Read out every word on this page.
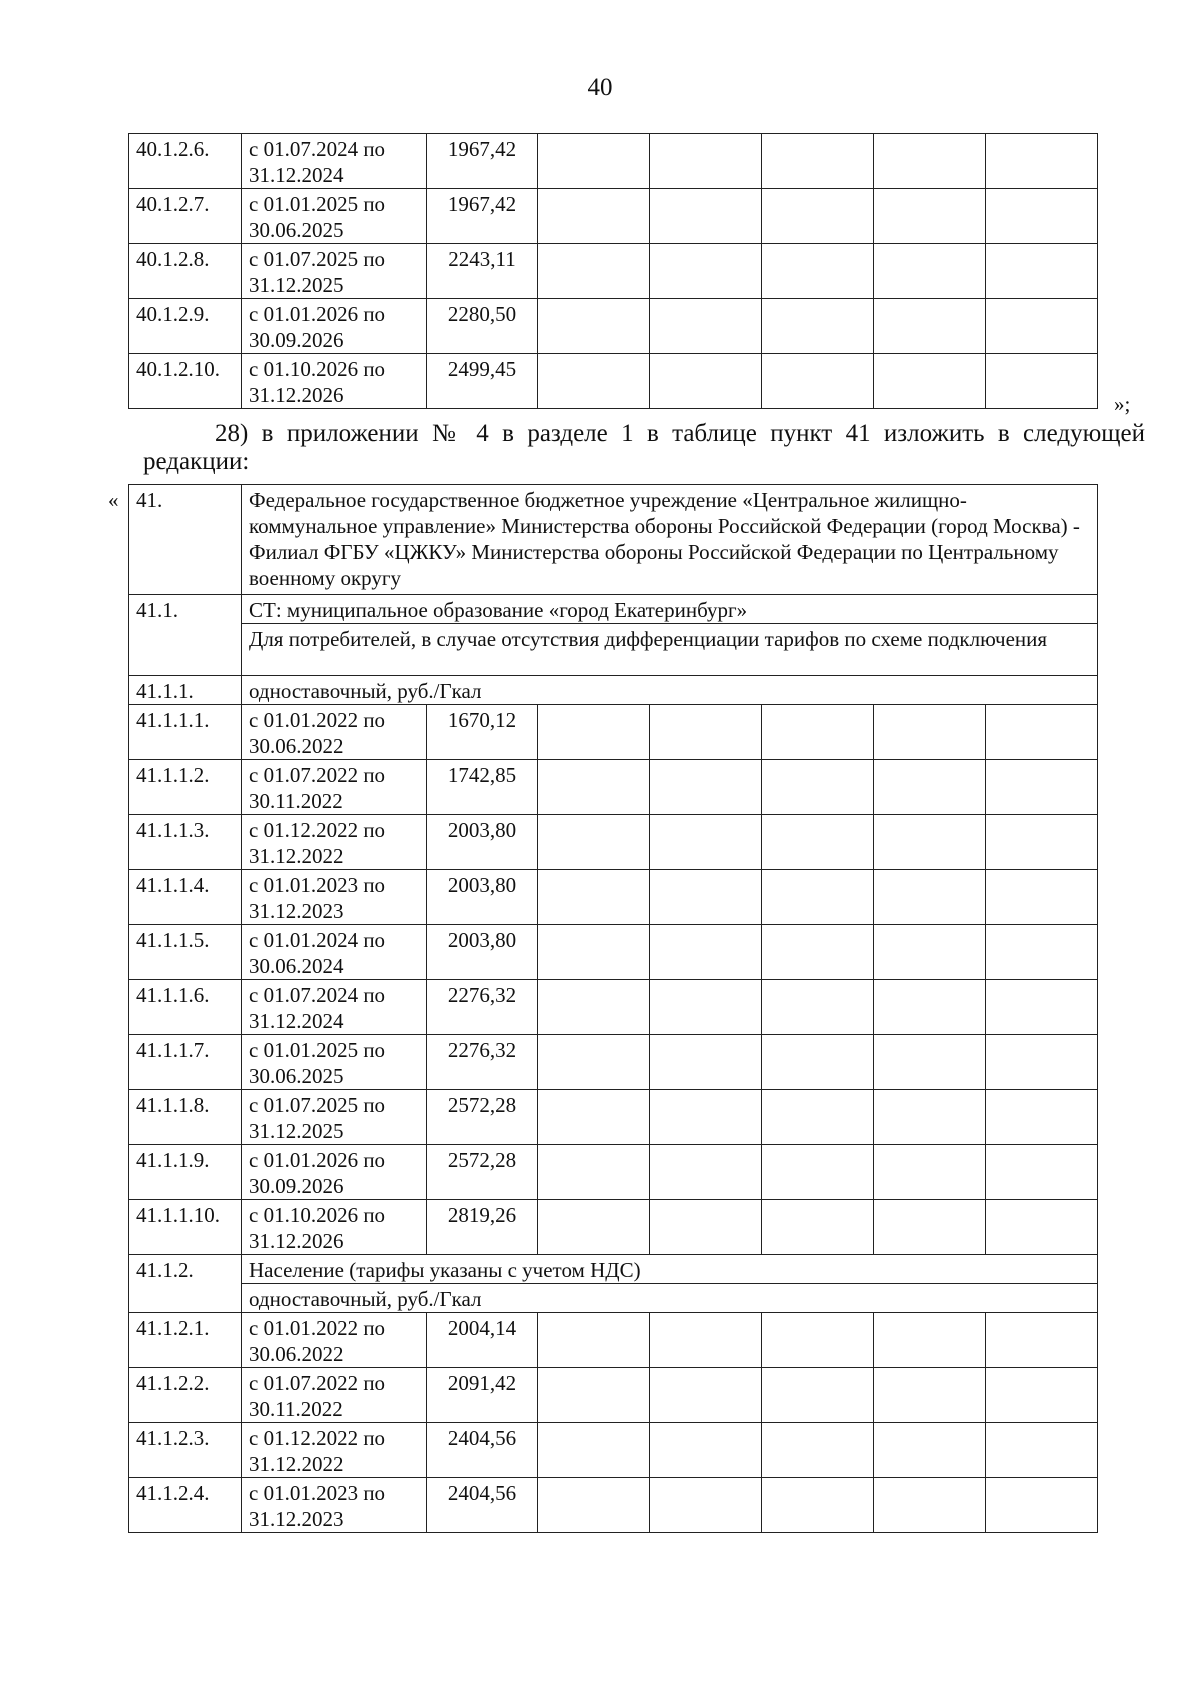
40
40.1.2.6.	с 01.07.2024 по 31.12.2024	1967,42					
40.1.2.7.	с 01.01.2025 по 30.06.2025	1967,42					
40.1.2.8.	с 01.07.2025 по 31.12.2025	2243,11					
40.1.2.9.	с 01.01.2026 по 30.09.2026	2280,50					
40.1.2.10.	с 01.10.2026 по 31.12.2026	2499,45					
»;
28) в приложении № 4 в разделе 1 в таблице пункт 41 изложить в следующей редакции:
« 41.	Федеральное государственное бюджетное учреждение «Центральное жилищно-коммунальное управление» Министерства обороны Российской Федерации (город Москва) - Филиал ФГБУ «ЦЖКУ» Министерства обороны Российской Федерации по Центральному военному округу						
41.1.	СТ: муниципальное образование «город Екатеринбург»						
	Для потребителей, в случае отсутствия дифференциации тарифов по схеме подключения						
41.1.1.	одноставочный, руб./Гкал						
41.1.1.1.	с 01.01.2022 по 30.06.2022	1670,12					
41.1.1.2.	с 01.07.2022 по 30.11.2022	1742,85					
41.1.1.3.	с 01.12.2022 по 31.12.2022	2003,80					
41.1.1.4.	с 01.01.2023 по 31.12.2023	2003,80					
41.1.1.5.	с 01.01.2024 по 30.06.2024	2003,80					
41.1.1.6.	с 01.07.2024 по 31.12.2024	2276,32					
41.1.1.7.	с 01.01.2025 по 30.06.2025	2276,32					
41.1.1.8.	с 01.07.2025 по 31.12.2025	2572,28					
41.1.1.9.	с 01.01.2026 по 30.09.2026	2572,28					
41.1.1.10.	с 01.10.2026 по 31.12.2026	2819,26					
41.1.2.	Население (тарифы указаны с учетом НДС)						
	одноставочный, руб./Гкал						
41.1.2.1.	с 01.01.2022 по 30.06.2022	2004,14					
41.1.2.2.	с 01.07.2022 по 30.11.2022	2091,42					
41.1.2.3.	с 01.12.2022 по 31.12.2022	2404,56					
41.1.2.4.	с 01.01.2023 по 31.12.2023	2404,56					
